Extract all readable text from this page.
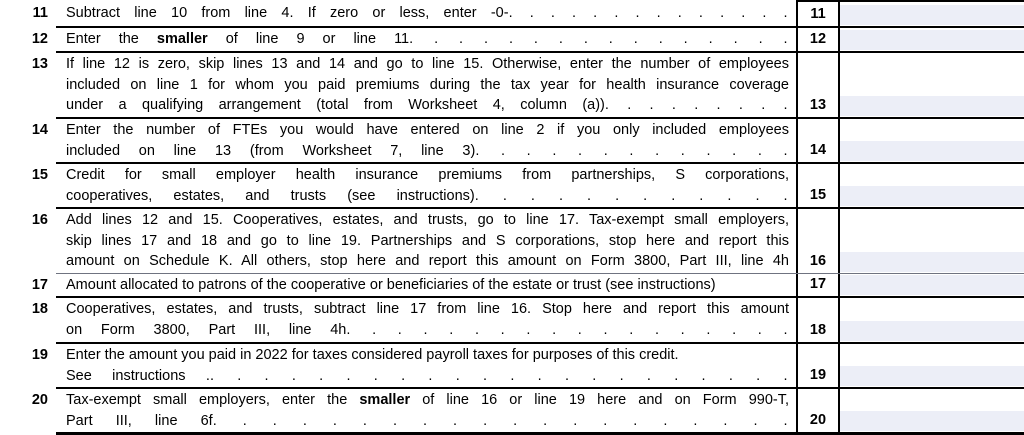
11	Subtract line 10 from line 4. If zero or less, enter -0-. . . . . . . . . . . . . .	11
12	Enter the smaller of line 9 or line 11. . . . . . . . . . . . . . . .	12
13	If line 12 is zero, skip lines 13 and 14 and go to line 15. Otherwise, enter the number of employees

included on line 1 for whom you paid premiums during the tax year for health insurance coverage

under a qualifying arrangement (total from Worksheet 4, column (a)). . . . . . . . .	13
14	Enter the number of FTEs you would have entered on line 2 if you only included employees

included on line 13 (from Worksheet 7, line 3). . . . . . . . . . . . .	14
15	Credit for small employer health insurance premiums from partnerships, S corporations,

cooperatives, estates, and trusts (see instructions). . . . . . . . . . . .	15
16	Add lines 12 and 15. Cooperatives, estates, and trusts, go to line 17. Tax-exempt small employers,

skip lines 17 and 18 and go to line 19. Partnerships and S corporations, stop here and report this

amount on Schedule K. All others, stop here and report this amount on Form 3800, Part III, line 4h	16
17	Amount allocated to patrons of the cooperative or beneficiaries of the estate or trust (see instructions)	17
18	Cooperatives, estates, and trusts, subtract line 17 from line 16. Stop here and report this amount

on Form 3800, Part III, line 4h. . . . . . . . . . . . . . . . . .	18
19	Enter the amount you paid in 2022 for taxes considered payroll taxes for purposes of this credit.

See instructions .. . . . . . . . . . . . . . . . . . . . . .	19
20	Tax-exempt small employers, enter the smaller of line 16 or line 19 here and on Form 990-T,

Part III, line 6f. . . . . . . . . . . . . . . . . . . .	20
